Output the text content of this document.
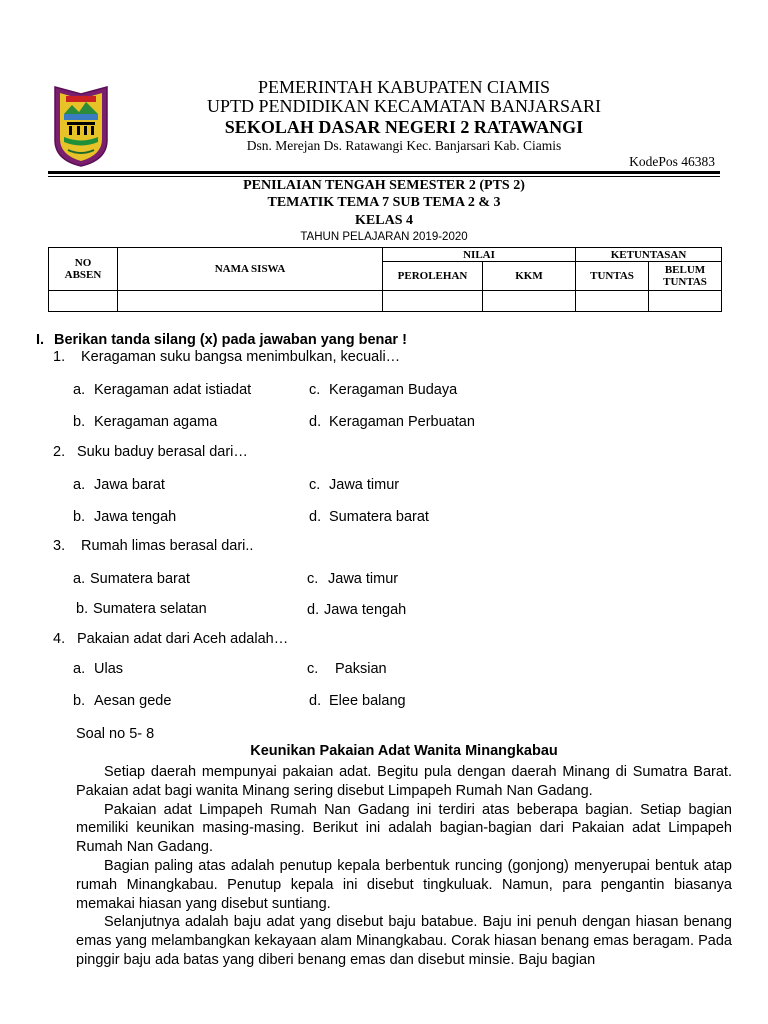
PEMERINTAH KABUPATEN CIAMIS
UPTD PENDIDIKAN KECAMATAN BANJARSARI
SEKOLAH DASAR NEGERI 2 RATAWANGI
Dsn. Merejan Ds. Ratawangi Kec. Banjarsari Kab. Ciamis
KodePos 46383
PENILAIAN TENGAH SEMESTER 2 (PTS 2)
TEMATIK TEMA 7 SUB TEMA 2 & 3
KELAS 4
TAHUN PELAJARAN 2019-2020
NO ABSEN	NAMA SISWA	NILAI		KETUNTASAN	
		PEROLEHAN	KKM	TUNTAS	BELUM TUNTAS

I. Berikan tanda silang (x) pada jawaban yang benar !
1. Keragaman suku bangsa menimbulkan, kecuali…
a. Keragaman adat istiadat
b. Keragaman agama
c. Keragaman Budaya
d. Keragaman Perbuatan
2. Suku baduy berasal dari…
a. Jawa barat
b. Jawa tengah
c. Jawa timur
d. Sumatera barat
3. Rumah limas berasal dari..
a. Sumatera barat
b. Sumatera selatan
c. Jawa timur
d. Jawa tengah
4. Pakaian adat dari Aceh adalah…
a. Ulas
b. Aesan gede
c. Paksian
d. Elee balang
Soal no 5- 8
Keunikan Pakaian Adat Wanita Minangkabau

Setiap daerah mempunyai pakaian adat. Begitu pula dengan daerah Minang di Sumatra Barat. Pakaian adat bagi wanita Minang sering disebut Limpapeh Rumah Nan Gadang.

Pakaian adat Limpapeh Rumah Nan Gadang ini terdiri atas beberapa bagian. Setiap bagian memiliki keunikan masing-masing. Berikut ini adalah bagian-bagian dari Pakaian adat Limpapeh Rumah Nan Gadang.

Bagian paling atas adalah penutup kepala berbentuk runcing (gonjong) menyerupai bentuk atap rumah Minangkabau. Penutup kepala ini disebut tingkuluak. Namun, para pengantin biasanya memakai hiasan yang disebut suntiang.

Selanjutnya adalah baju adat yang disebut baju batabue. Baju ini penuh dengan hiasan benang emas yang melambangkan kekayaan alam Minangkabau. Corak hiasan benang emas beragam. Pada pinggir baju ada batas yang diberi benang emas dan disebut minsie. Baju bagian
